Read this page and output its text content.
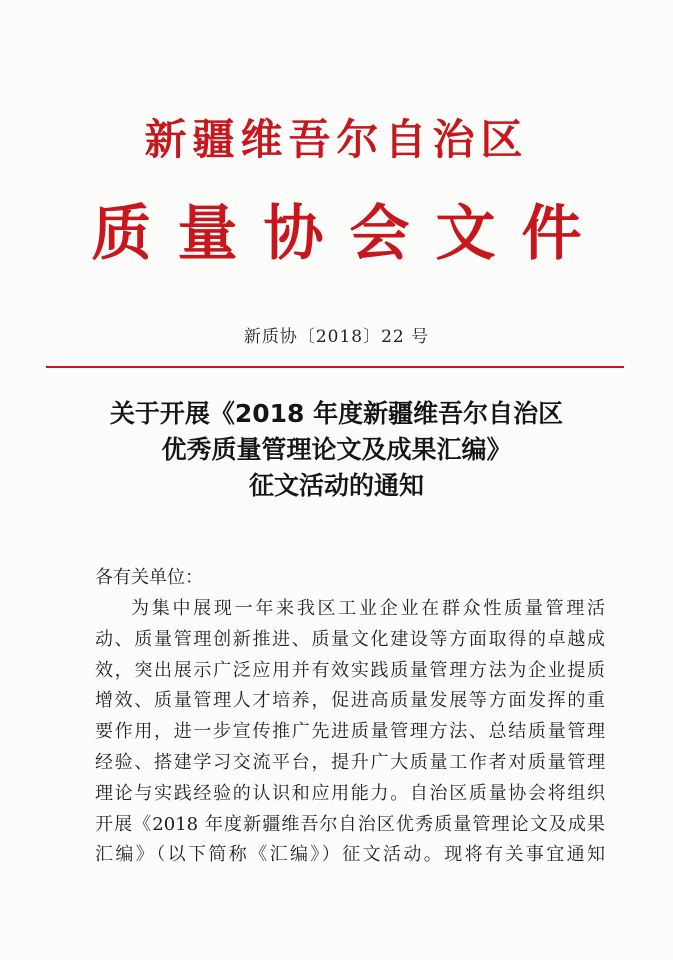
新疆维吾尔自治区
质量协会文件
新质协〔2018〕22 号
关于开展《2018 年度新疆维吾尔自治区
优秀质量管理论文及成果汇编》
征文活动的通知
各有关单位：
为集中展现一年来我区工业企业在群众性质量管理活
动、质量管理创新推进、质量文化建设等方面取得的卓越成
效，突出展示广泛应用并有效实践质量管理方法为企业提质
增效、质量管理人才培养，促进高质量发展等方面发挥的重
要作用，进一步宣传推广先进质量管理方法、总结质量管理
经验、搭建学习交流平台，提升广大质量工作者对质量管理
理论与实践经验的认识和应用能力。自治区质量协会将组织
开展《2018 年度新疆维吾尔自治区优秀质量管理论文及成果
汇编》（以下简称《汇编》）征文活动。现将有关事宜通知
